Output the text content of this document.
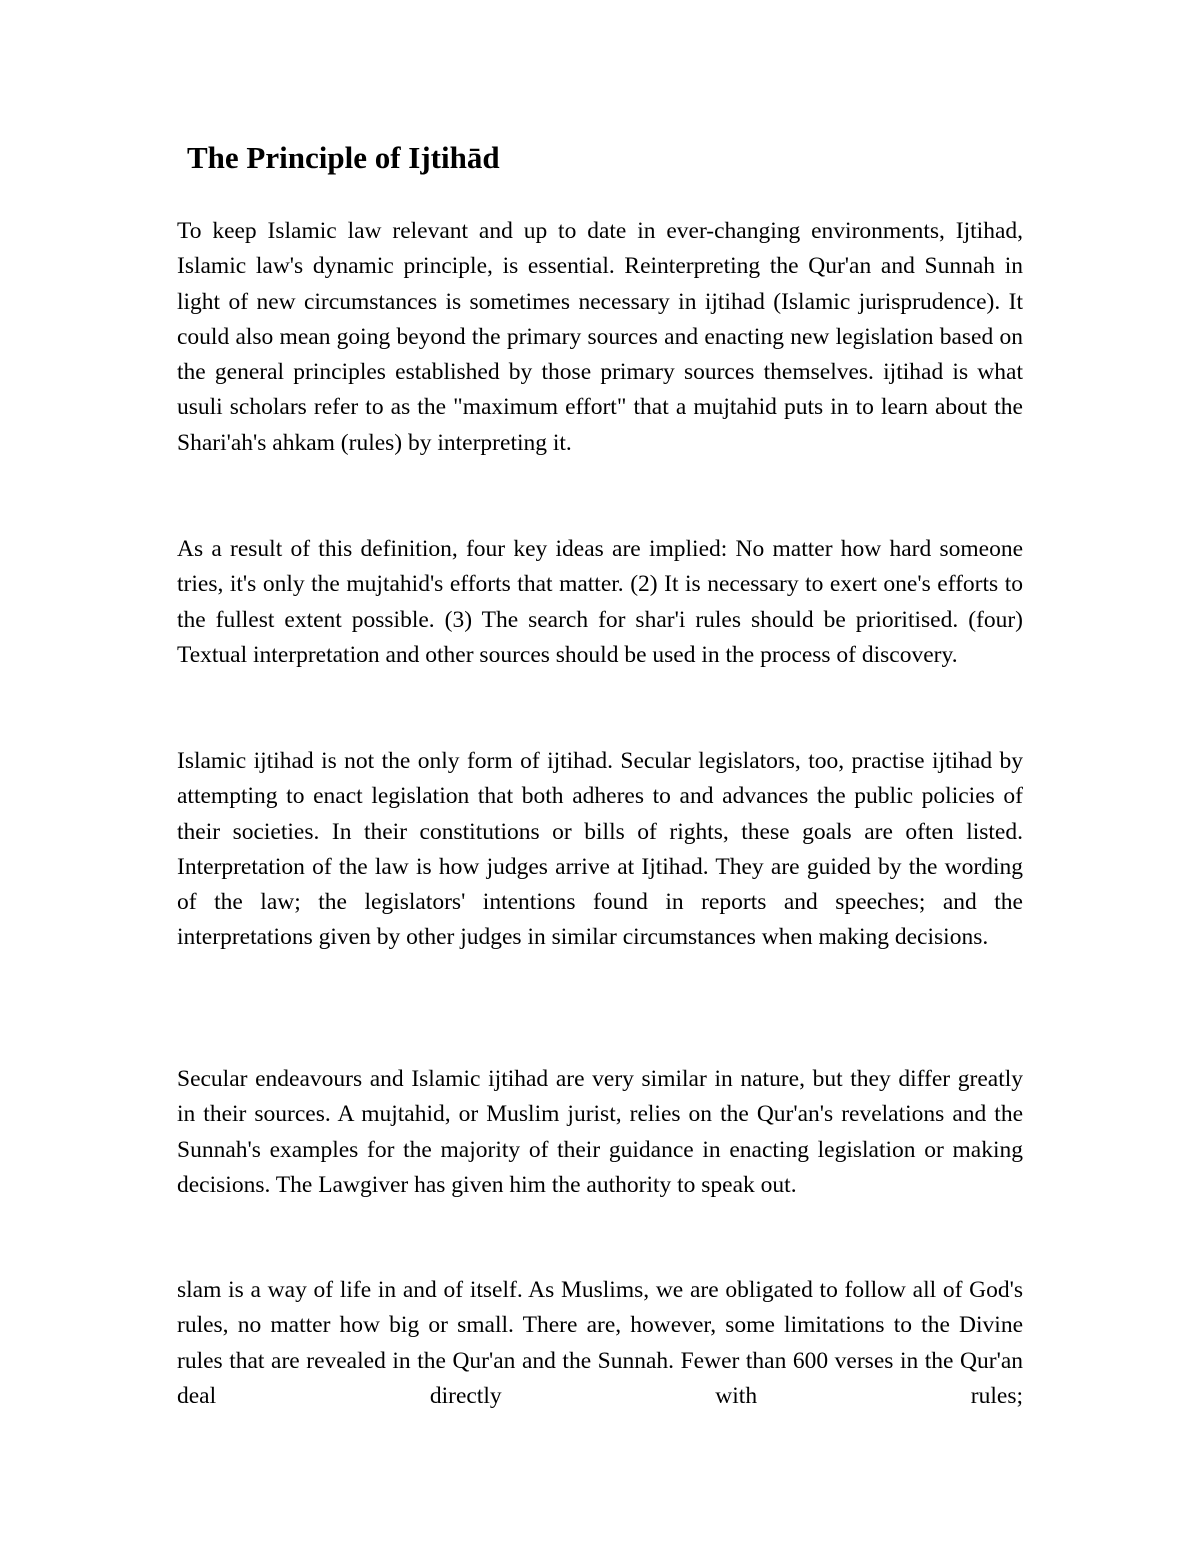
The Principle of Ijtihād

To keep Islamic law relevant and up to date in ever-changing environments, Ijtihad, Islamic law's dynamic principle, is essential. Reinterpreting the Qur'an and Sunnah in light of new circumstances is sometimes necessary in ijtihad (Islamic jurisprudence). It could also mean going beyond the primary sources and enacting new legislation based on the general principles established by those primary sources themselves. ijtihad is what usuli scholars refer to as the "maximum effort" that a mujtahid puts in to learn about the Shari'ah's ahkam (rules) by interpreting it.

As a result of this definition, four key ideas are implied: No matter how hard someone tries, it's only the mujtahid's efforts that matter. (2) It is necessary to exert one's efforts to the fullest extent possible. (3) The search for shar'i rules should be prioritised. (four) Textual interpretation and other sources should be used in the process of discovery.

Islamic ijtihad is not the only form of ijtihad. Secular legislators, too, practise ijtihad by attempting to enact legislation that both adheres to and advances the public policies of their societies. In their constitutions or bills of rights, these goals are often listed. Interpretation of the law is how judges arrive at Ijtihad. They are guided by the wording of the law; the legislators' intentions found in reports and speeches; and the interpretations given by other judges in similar circumstances when making decisions.

Secular endeavours and Islamic ijtihad are very similar in nature, but they differ greatly in their sources. A mujtahid, or Muslim jurist, relies on the Qur'an's revelations and the Sunnah's examples for the majority of their guidance in enacting legislation or making decisions. The Lawgiver has given him the authority to speak out.

slam is a way of life in and of itself. As Muslims, we are obligated to follow all of God's rules, no matter how big or small. There are, however, some limitations to the Divine rules that are revealed in the Qur'an and the Sunnah. Fewer than 600 verses in the Qur'an deal directly with rules;
